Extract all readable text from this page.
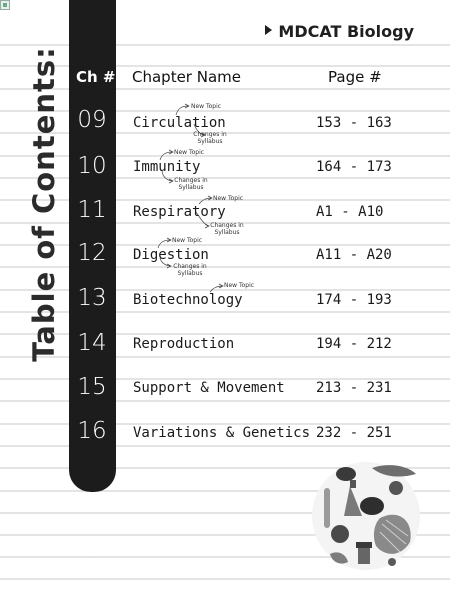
Table of Contents:
MDCAT Biology
Ch # Chapter Name	Page #
09 Circulation	153 - 163
10 Immunity	164 - 173
11 Respiratory	A1 - A10
12 Digestion	A11 - A20
13 Biotechnology	174 - 193
14 Reproduction	194 - 212
15 Support & Movement 213 - 231
16 Variations & Genetics 232 - 251
New Topic
Changes in
Syllabus
New Topic
Changes in
Syllabus
New Topic
Changes in
Syllabus
New Topic
Changes in
Syllabus
New Topic
·····
